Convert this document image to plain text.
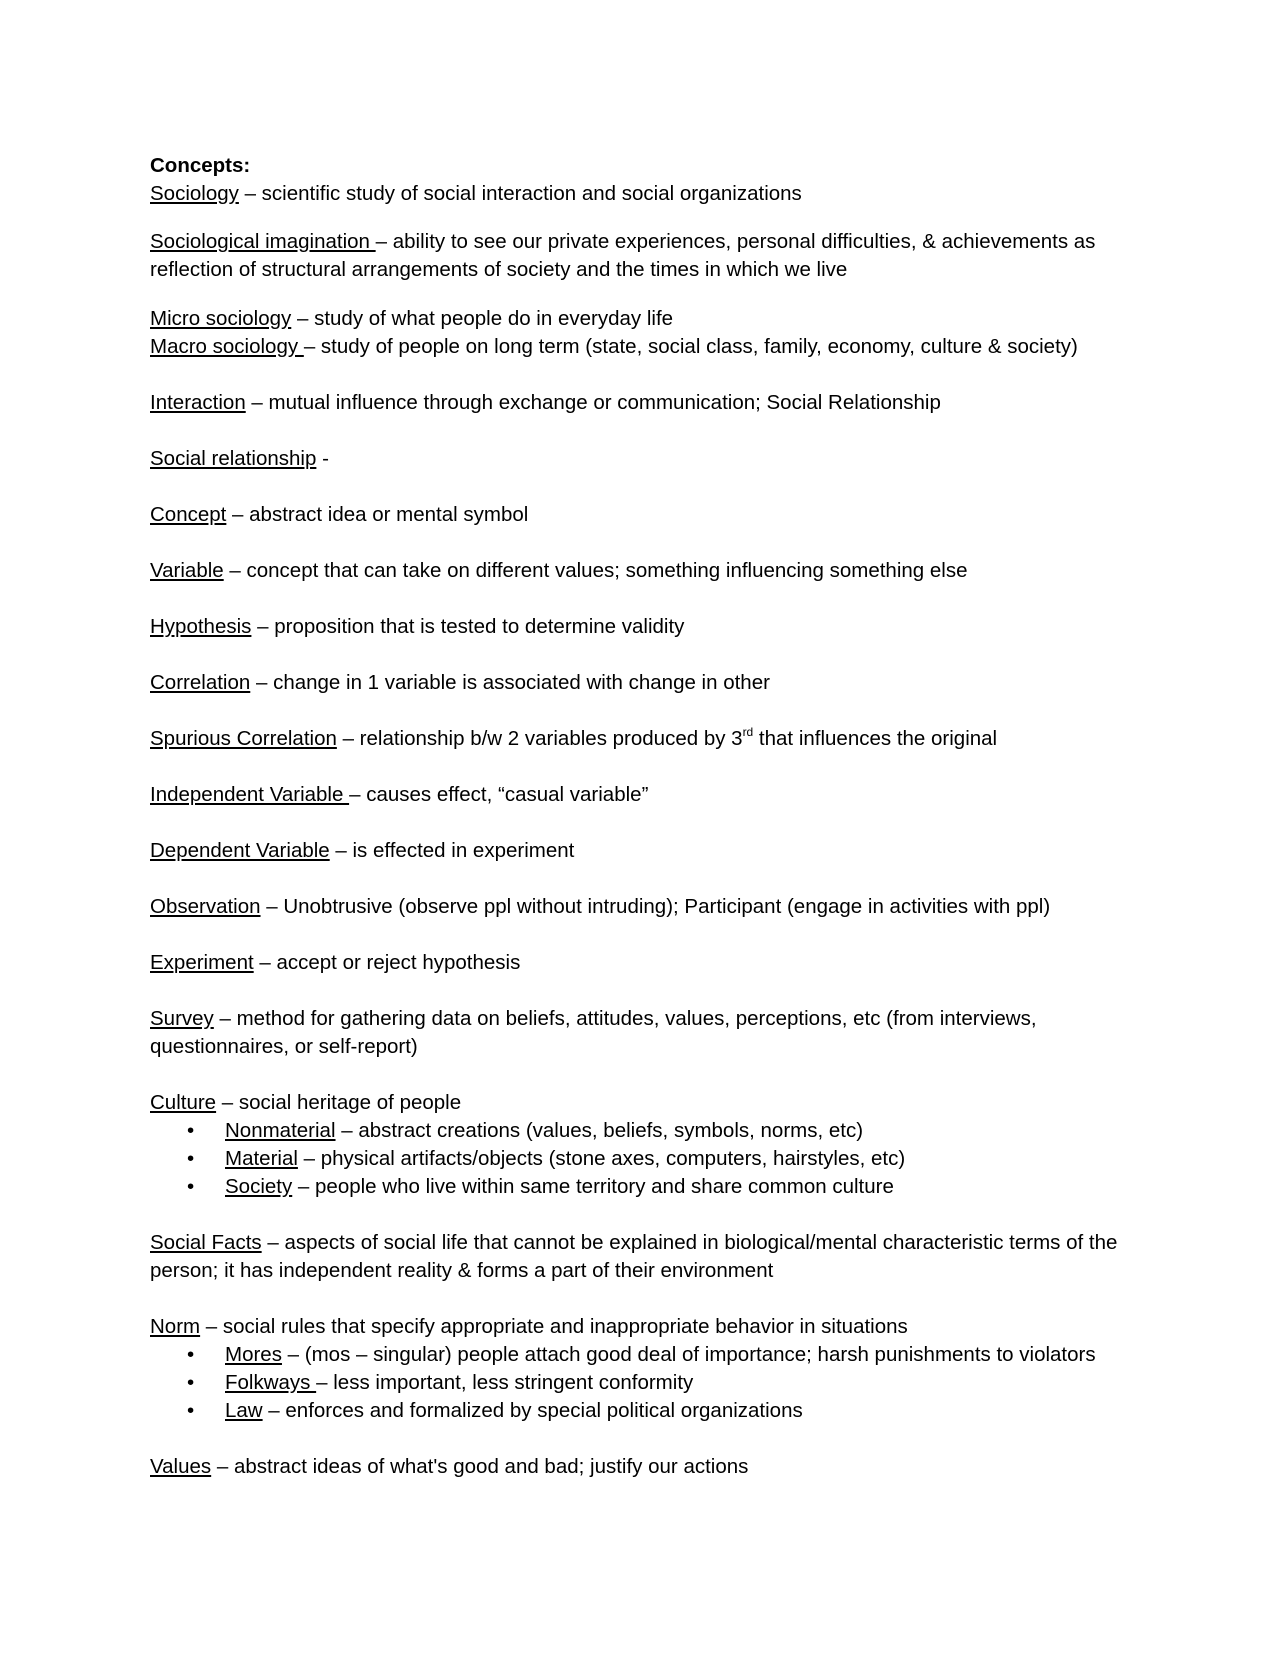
Concepts:
Sociology – scientific study of social interaction and social organizations
Sociological imagination – ability to see our private experiences, personal difficulties, & achievements as reflection of structural arrangements of society and the times in which we live
Micro sociology – study of what people do in everyday life
Macro sociology – study of people on long term (state, social class, family, economy, culture & society)
Interaction – mutual influence through exchange or communication; Social Relationship
Social relationship -
Concept – abstract idea or mental symbol
Variable – concept that can take on different values; something influencing something else
Hypothesis – proposition that is tested to determine validity
Correlation – change in 1 variable is associated with change in other
Spurious Correlation – relationship b/w 2 variables produced by 3rd that influences the original
Independent Variable – causes effect, “casual variable”
Dependent Variable – is effected in experiment
Observation – Unobtrusive (observe ppl without intruding); Participant (engage in activities with ppl)
Experiment – accept or reject hypothesis
Survey – method for gathering data on beliefs, attitudes, values, perceptions, etc (from interviews, questionnaires, or self-report)
Culture – social heritage of people
• Nonmaterial – abstract creations (values, beliefs, symbols, norms, etc)
• Material – physical artifacts/objects (stone axes, computers, hairstyles, etc)
• Society – people who live within same territory and share common culture
Social Facts – aspects of social life that cannot be explained in biological/mental characteristic terms of the person; it has independent reality & forms a part of their environment
Norm – social rules that specify appropriate and inappropriate behavior in situations
• Mores – (mos – singular) people attach good deal of importance; harsh punishments to violators
• Folkways – less important, less stringent conformity
• Law – enforces and formalized by special political organizations
Values – abstract ideas of what's good and bad; justify our actions
